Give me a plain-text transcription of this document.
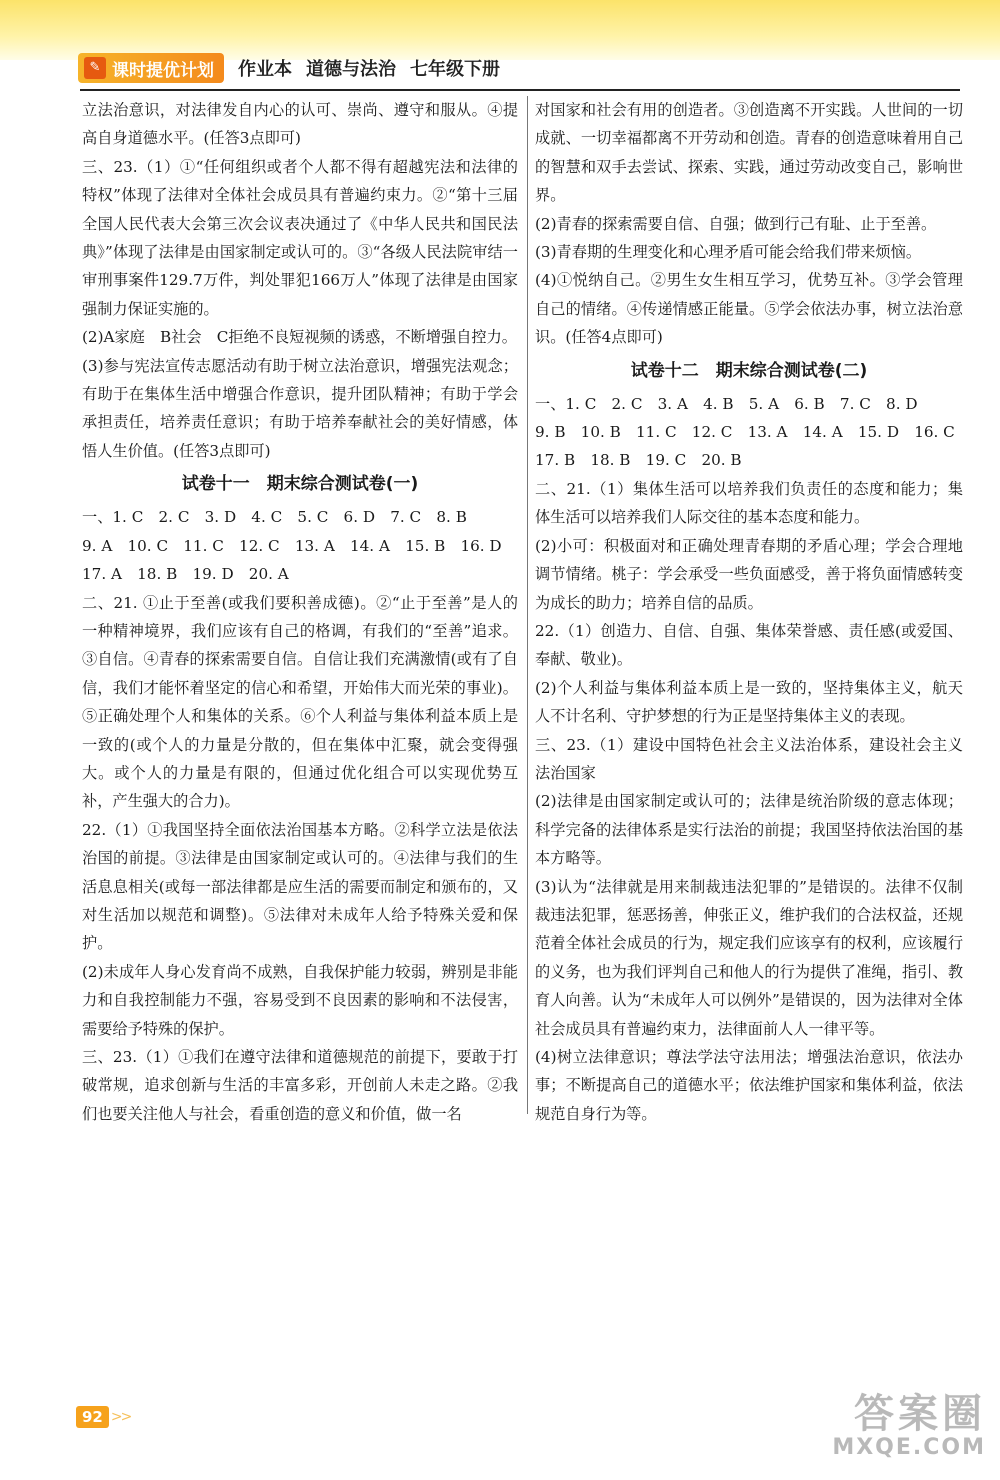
✎ 课时提优计划 作业本 道德与法治 七年级下册

立法治意识，对法律发自内心的认可、崇尚、遵守和服从。④提高自身道德水平。(任答3点即可)

三、23.（1）①“任何组织或者个人都不得有超越宪法和法律的特权”体现了法律对全体社会成员具有普遍约束力。②“第十三届全国人民代表大会第三次会议表决通过了《中华人民共和国民法典》”体现了法律是由国家制定或认可的。③“各级人民法院审结一审刑事案件129.7万件，判处罪犯166万人”体现了法律是由国家强制力保证实施的。

(2)A家庭　B社会　C拒绝不良短视频的诱惑，不断增强自控力。

(3)参与宪法宣传志愿活动有助于树立法治意识，增强宪法观念；有助于在集体生活中增强合作意识，提升团队精神；有助于学会承担责任，培养责任意识；有助于培养奉献社会的美好情感，体悟人生价值。(任答3点即可)

试卷十一　期末综合测试卷(一)

一、1. C　2. C　3. D　4. C　5. C　6. D　7. C　8. B

9. A　10. C　11. C　12. C　13. A　14. A　15. B　16. D

17. A　18. B　19. D　20. A

二、21. ①止于至善(或我们要积善成德)。②“止于至善”是人的一种精神境界，我们应该有自己的格调，有我们的“至善”追求。③自信。④青春的探索需要自信。自信让我们充满激情(或有了自信，我们才能怀着坚定的信心和希望，开始伟大而光荣的事业)。⑤正确处理个人和集体的关系。⑥个人利益与集体利益本质上是一致的(或个人的力量是分散的，但在集体中汇聚，就会变得强大。或个人的力量是有限的，但通过优化组合可以实现优势互补，产生强大的合力)。

22.（1）①我国坚持全面依法治国基本方略。②科学立法是依法治国的前提。③法律是由国家制定或认可的。④法律与我们的生活息息相关(或每一部法律都是应生活的需要而制定和颁布的，又对生活加以规范和调整)。⑤法律对未成年人给予特殊关爱和保护。

(2)未成年人身心发育尚不成熟，自我保护能力较弱，辨别是非能力和自我控制能力不强，容易受到不良因素的影响和不法侵害，需要给予特殊的保护。

三、23.（1）①我们在遵守法律和道德规范的前提下，要敢于打破常规，追求创新与生活的丰富多彩，开创前人未走之路。②我们也要关注他人与社会，看重创造的意义和价值，做一名

对国家和社会有用的创造者。③创造离不开实践。人世间的一切成就、一切幸福都离不开劳动和创造。青春的创造意味着用自己的智慧和双手去尝试、探索、实践，通过劳动改变自己，影响世界。

(2)青春的探索需要自信、自强；做到行己有耻、止于至善。

(3)青春期的生理变化和心理矛盾可能会给我们带来烦恼。

(4)①悦纳自己。②男生女生相互学习，优势互补。③学会管理自己的情绪。④传递情感正能量。⑤学会依法办事，树立法治意识。(任答4点即可)

试卷十二　期末综合测试卷(二)

一、1. C　2. C　3. A　4. B　5. A　6. B　7. C　8. D

9. B　10. B　11. C　12. C　13. A　14. A　15. D　16. C

17. B　18. B　19. C　20. B

二、21.（1）集体生活可以培养我们负责任的态度和能力；集体生活可以培养我们人际交往的基本态度和能力。

(2)小可：积极面对和正确处理青春期的矛盾心理；学会合理地调节情绪。桃子：学会承受一些负面感受，善于将负面情感转变为成长的助力；培养自信的品质。

22.（1）创造力、自信、自强、集体荣誉感、责任感(或爱国、奉献、敬业)。

(2)个人利益与集体利益本质上是一致的，坚持集体主义，航天人不计名利、守护梦想的行为正是坚持集体主义的表现。

三、23.（1）建设中国特色社会主义法治体系，建设社会主义法治国家

(2)法律是由国家制定或认可的；法律是统治阶级的意志体现；科学完备的法律体系是实行法治的前提；我国坚持依法治国的基本方略等。

(3)认为“法律就是用来制裁违法犯罪的”是错误的。法律不仅制裁违法犯罪，惩恶扬善，伸张正义，维护我们的合法权益，还规范着全体社会成员的行为，规定我们应该享有的权利，应该履行的义务，也为我们评判自己和他人的行为提供了准绳，指引、教育人向善。认为“未成年人可以例外”是错误的，因为法律对全体社会成员具有普遍约束力，法律面前人人一律平等。

(4)树立法律意识；尊法学法守法用法；增强法治意识，依法办事；不断提高自己的道德水平；依法维护国家和集体利益，依法规范自身行为等。

92 >>	答案圈
MXQE.COM
